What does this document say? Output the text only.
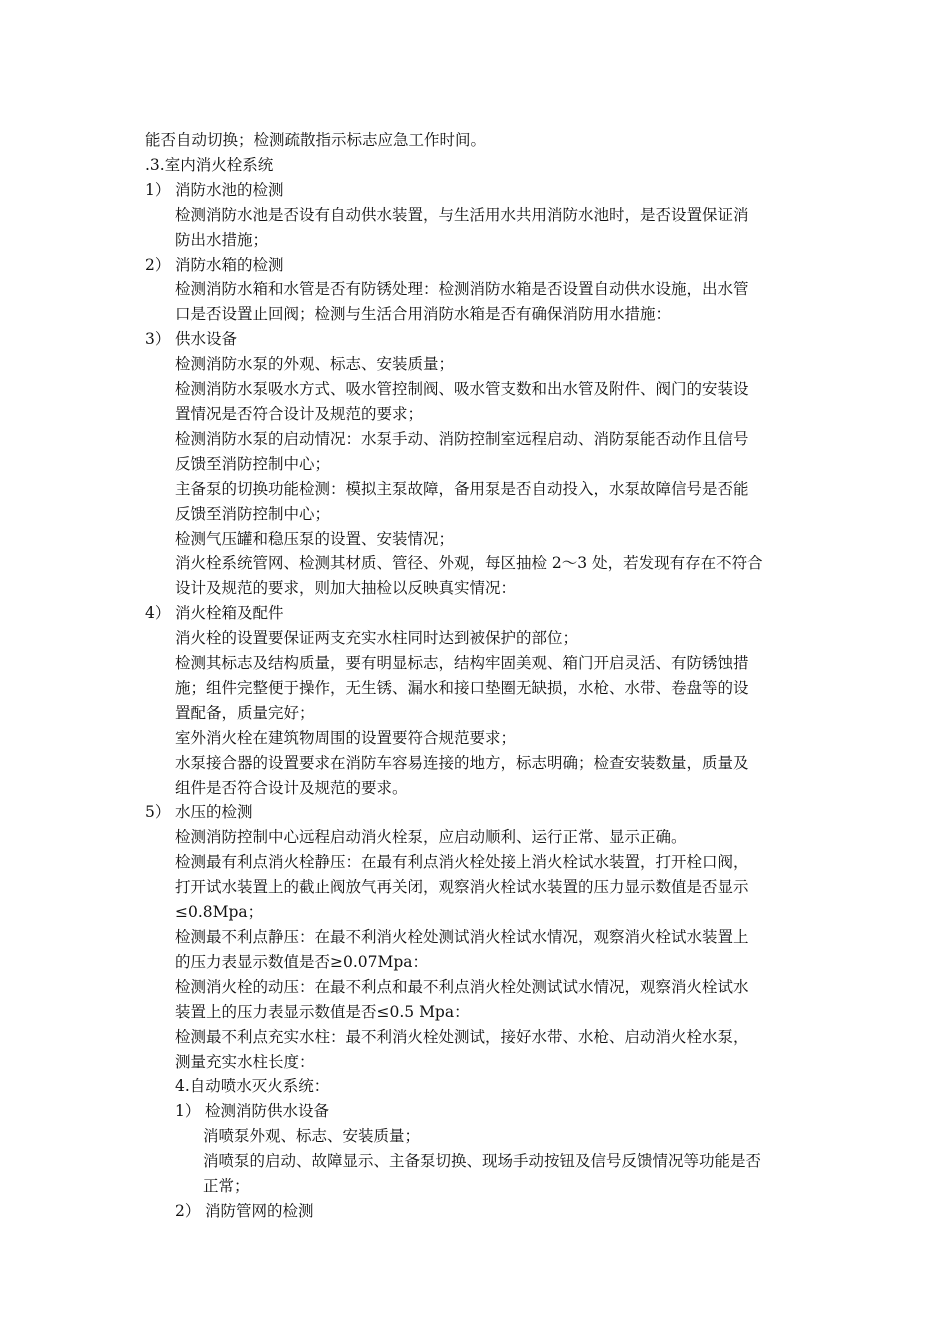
能否自动切换；检测疏散指示标志应急工作时间。
.3.室内消火栓系统
1） 消防水池的检测
检测消防水池是否设有自动供水装置，与生活用水共用消防水池时，是否设置保证消
防出水措施；
2） 消防水箱的检测
检测消防水箱和水管是否有防锈处理：检测消防水箱是否设置自动供水设施，出水管
口是否设置止回阀；检测与生活合用消防水箱是否有确保消防用水措施：
3） 供水设备
检测消防水泵的外观、标志、安装质量；
检测消防水泵吸水方式、吸水管控制阀、吸水管支数和出水管及附件、阀门的安装设
置情况是否符合设计及规范的要求；
检测消防水泵的启动情况：水泵手动、消防控制室远程启动、消防泵能否动作且信号
反馈至消防控制中心；
主备泵的切换功能检测：模拟主泵故障，备用泵是否自动投入，水泵故障信号是否能
反馈至消防控制中心；
检测气压罐和稳压泵的设置、安装情况；
消火栓系统管网、检测其材质、管径、外观，每区抽检 2～3 处，若发现有存在不符合
设计及规范的要求，则加大抽检以反映真实情况：
4） 消火栓箱及配件
消火栓的设置要保证两支充实水柱同时达到被保护的部位；
检测其标志及结构质量，要有明显标志，结构牢固美观、箱门开启灵活、有防锈蚀措
施；组件完整便于操作，无生锈、漏水和接口垫圈无缺损，水枪、水带、卷盘等的设
置配备，质量完好；
室外消火栓在建筑物周围的设置要符合规范要求；
水泵接合器的设置要求在消防车容易连接的地方，标志明确；检查安装数量，质量及
组件是否符合设计及规范的要求。
5） 水压的检测
检测消防控制中心远程启动消火栓泵，应启动顺利、运行正常、显示正确。
检测最有利点消火栓静压：在最有利点消火栓处接上消火栓试水装置，打开栓口阀，
打开试水装置上的截止阀放气再关闭，观察消火栓试水装置的压力显示数值是否显示
≤0.8Mpa；
检测最不利点静压：在最不利消火栓处测试消火栓试水情况，观察消火栓试水装置上
的压力表显示数值是否≥0.07Mpa：
检测消火栓的动压：在最不利点和最不利点消火栓处测试试水情况，观察消火栓试水
装置上的压力表显示数值是否≤0.5 Mpa：
检测最不利点充实水柱：最不利消火栓处测试，接好水带、水枪、启动消火栓水泵，
测量充实水柱长度：
4.自动喷水灭火系统：
1） 检测消防供水设备
消喷泵外观、标志、安装质量；
消喷泵的启动、故障显示、主备泵切换、现场手动按钮及信号反馈情况等功能是否
正常；
2） 消防管网的检测
